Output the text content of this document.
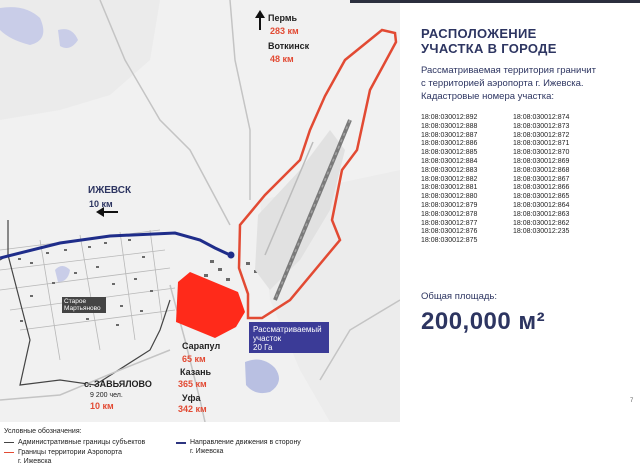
Пермь
283 км
Воткинск
48 км
ИЖЕВСК
10 км
Сарапул
65 км
Казань
365 км
Уфа
342 км
Старое Мартьяново
с. ЗАВЬЯЛОВО
9 200 чел.
10 км
Рассматриваемый
участок
20 Га
РАСПОЛОЖЕНИЕ
УЧАСТКА В ГОРОДЕ
Рассматриваемая территория граничит
с территорией аэропорта г. Ижевска.
Кадастровые номера участка:
18:08:030012:892	18:08:030012:874
18:08:030012:888	18:08:030012:873
18:08:030012:887	18:08:030012:872
18:08:030012:886	18:08:030012:871
18:08:030012:885	18:08:030012:870
18:08:030012:884	18:08:030012:869
18:08:030012:883	18:08:030012:868
18:08:030012:882	18:08:030012:867
18:08:030012:881	18:08:030012:866
18:08:030012:880	18:08:030012:865
18:08:030012:879	18:08:030012:864
18:08:030012:878	18:08:030012:863
18:08:030012:877	18:08:030012:862
18:08:030012:876	18:08:030012:235
18:08:030012:875
Общая площадь:
200,000 м²
7
Условные обозначения:
Административные границы субъектов
Границы территории Аэропорта
г. Ижевска
Направление движения в сторону
г. Ижевска
